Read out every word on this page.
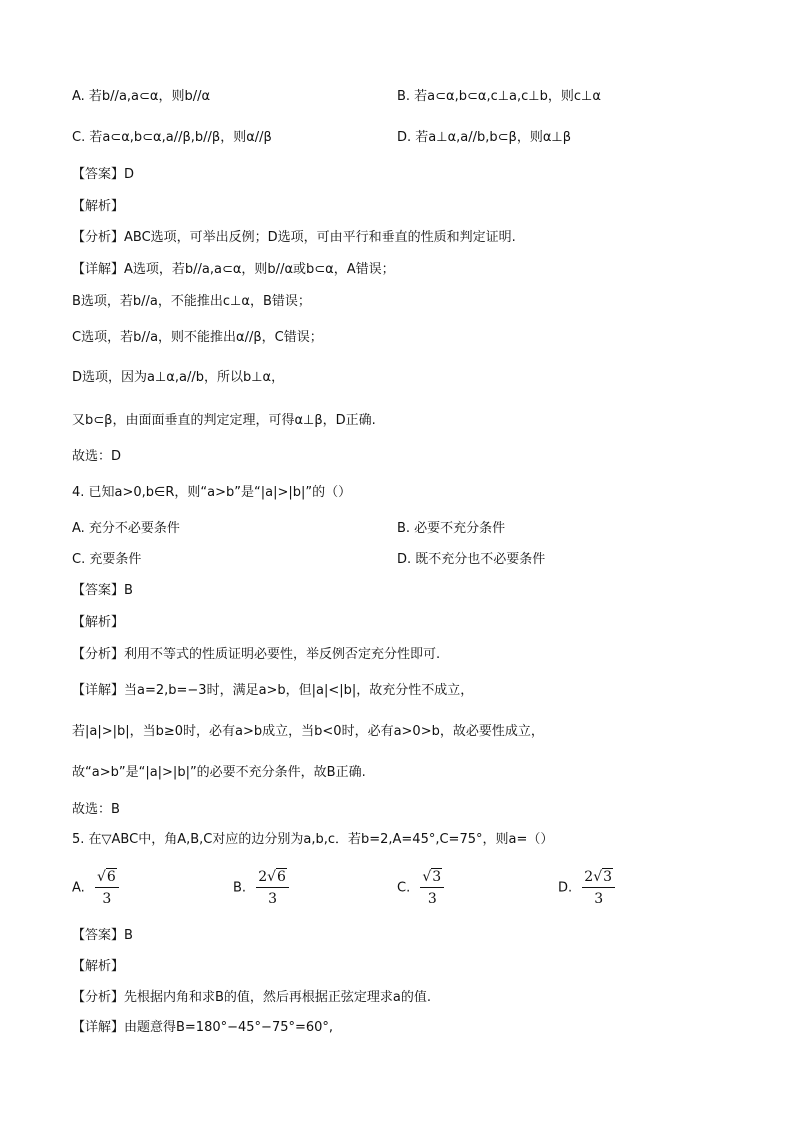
A. 若b//a,a⊂α，则b//α	B. 若a⊂α,b⊂α,c⊥a,c⊥b，则c⊥α
C. 若a⊂α,b⊂α,a//β,b//β，则α//β	D. 若a⊥α,a//b,b⊂β，则α⊥β
【答案】D
【解析】
【分析】ABC选项，可举出反例；D选项，可由平行和垂直的性质和判定证明.
【详解】A选项，若b//a,a⊂α，则b//α或b⊂α，A错误；
B选项，若b//a，不能推出c⊥α，B错误；
C选项，若b//a，则不能推出α//β，C错误；
D选项，因为a⊥α,a//b，所以b⊥α，
又b⊂β，由面面垂直的判定定理，可得α⊥β，D正确.
故选：D
4. 已知a>0,b∈R，则“a>b”是“|a|>|b|”的（）
A. 充分不必要条件	B. 必要不充分条件
C. 充要条件	D. 既不充分也不必要条件
【答案】B
【解析】
【分析】利用不等式的性质证明必要性，举反例否定充分性即可.
【详解】当a=2,b=−3时，满足a>b，但|a|<|b|，故充分性不成立，
若|a|>|b|，当b≥0时，必有a>b成立，当b<0时，必有a>0>b，故必要性成立，
故“a>b”是“|a|>|b|”的必要不充分条件，故B正确.
故选：B
5. 在▽ABC中，角A,B,C对应的边分别为a,b,c．若b=2,A=45°,C=75°，则a=（）
A. $\frac{√6}{3}$	B. $\frac{2√6}{3}$	C. $\frac{√3}{3}$	D. $\frac{2√3}{3}$
【答案】B
【解析】
【分析】先根据内角和求B的值，然后再根据正弦定理求a的值.
【详解】由题意得B=180°−45°−75°=60°,
